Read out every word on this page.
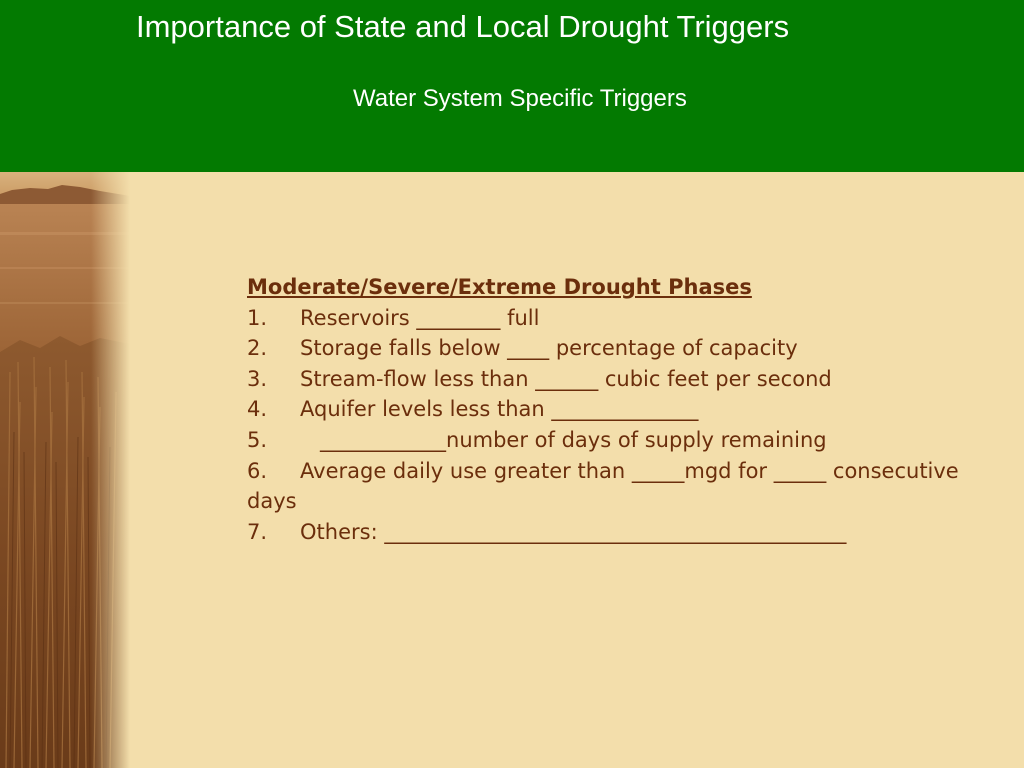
Importance of State and Local Drought Triggers
Water System Specific Triggers
Moderate/Severe/Extreme Drought Phases
1. Reservoirs ________ full
2. Storage falls below ____ percentage of capacity
3. Stream-flow less than ______ cubic feet per second
4. Aquifer levels less than ______________
5.   ____________number of days of supply remaining
6. Average daily use greater than _____mgd for _____ consecutive
days
7. Others: ____________________________________________
